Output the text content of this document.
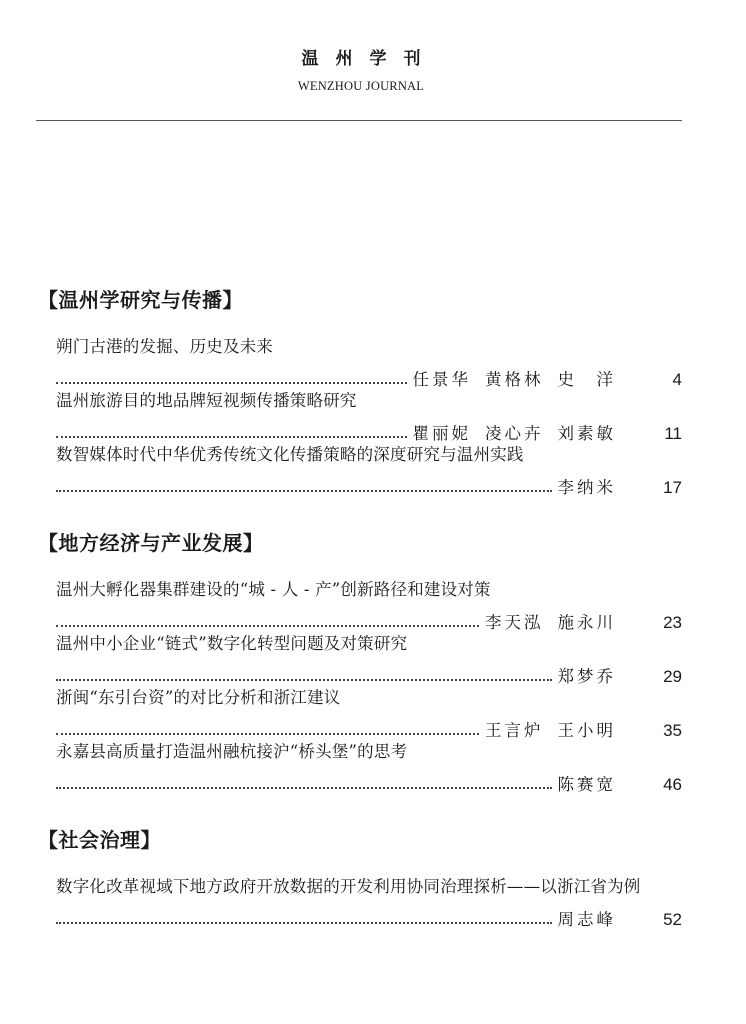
温州学刊
WENZHOU JOURNAL
【温州学研究与传播】
朔门古港的发掘、历史及未来
任景华 黄格林 史　洋	4
温州旅游目的地品牌短视频传播策略研究
瞿丽妮 凌心卉 刘素敏	11
数智媒体时代中华优秀传统文化传播策略的深度研究与温州实践
李纳米	17
【地方经济与产业发展】
温州大孵化器集群建设的“城 - 人 - 产”创新路径和建设对策
李天泓 施永川	23
温州中小企业“链式”数字化转型问题及对策研究
郑梦乔	29
浙闽“东引台资”的对比分析和浙江建议
王言炉 王小明	35
永嘉县高质量打造温州融杭接沪“桥头堡”的思考
陈赛宽	46
【社会治理】
数字化改革视域下地方政府开放数据的开发利用协同治理探析——以浙江省为例
周志峰	52
